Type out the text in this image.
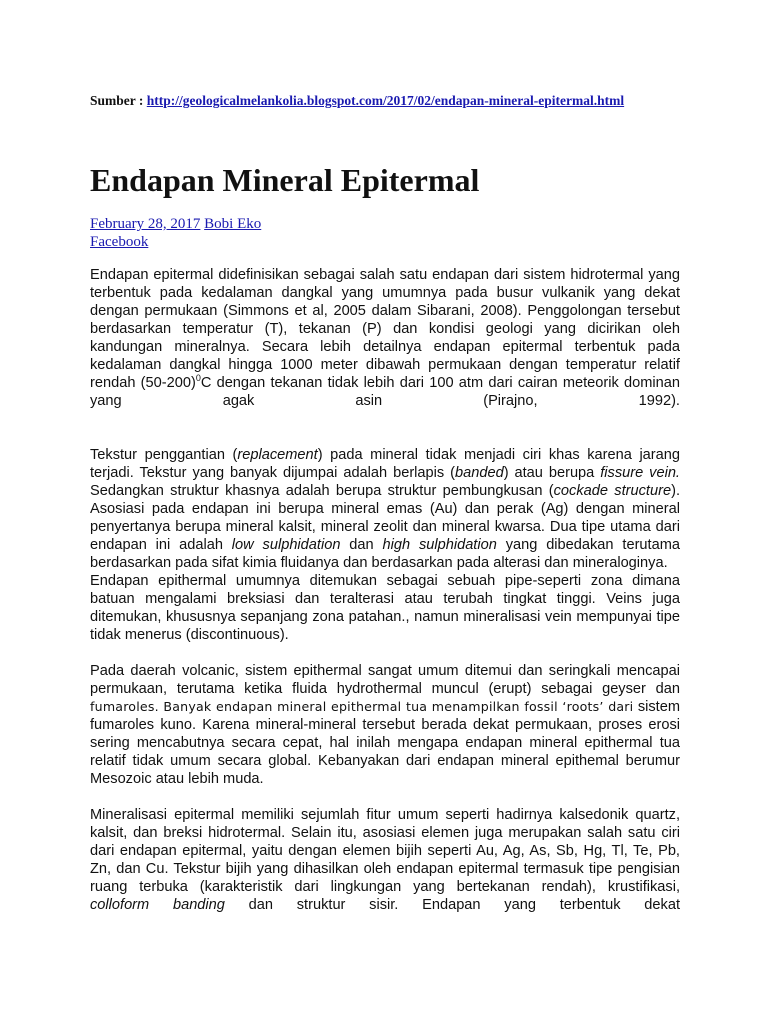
Sumber : http://geologicalmelankolia.blogspot.com/2017/02/endapan-mineral-epitermal.html
Endapan Mineral Epitermal
February 28, 2017 Bobi Eko
Facebook

Endapan epitermal didefinisikan sebagai salah satu endapan dari sistem hidrotermal yang terbentuk pada kedalaman dangkal yang umumnya pada busur vulkanik yang dekat dengan permukaan (Simmons et al, 2005 dalam Sibarani, 2008). Penggolongan tersebut berdasarkan temperatur (T), tekanan (P) dan kondisi geologi yang dicirikan oleh kandungan mineralnya. Secara lebih detailnya endapan epitermal terbentuk pada kedalaman dangkal hingga 1000 meter dibawah permukaan dengan temperatur relatif rendah $(50-200)^0C$ dengan tekanan tidak lebih dari 100 atm dari cairan meteorik dominan yang agak asin (Pirajno, 1992).

Tekstur penggantian (replacement) pada mineral tidak menjadi ciri khas karena jarang terjadi. Tekstur yang banyak dijumpai adalah berlapis (banded) atau berupa fissure vein. Sedangkan struktur khasnya adalah berupa struktur pembungkusan (cockade structure). Asosiasi pada endapan ini berupa mineral emas (Au) dan perak (Ag) dengan mineral penyertanya berupa mineral kalsit, mineral zeolit dan mineral kwarsa. Dua tipe utama dari endapan ini adalah low sulphidation dan high sulphidation yang dibedakan terutama berdasarkan pada sifat kimia fluidanya dan berdasarkan pada alterasi dan mineraloginya.

Endapan epithermal umumnya ditemukan sebagai sebuah pipe-seperti zona dimana batuan mengalami breksiasi dan teralterasi atau terubah tingkat tinggi. Veins juga ditemukan, khususnya sepanjang zona patahan., namun mineralisasi vein mempunyai tipe tidak menerus (discontinuous).

Pada daerah volcanic, sistem epithermal sangat umum ditemui dan seringkali mencapai permukaan, terutama ketika fluida hydrothermal muncul (erupt) sebagai geyser dan fumaroles. Banyak endapan mineral epithermal tua menampilkan fossil ‘roots’ dari sistem fumaroles kuno. Karena mineral-mineral tersebut berada dekat permukaan, proses erosi sering mencabutnya secara cepat, hal inilah mengapa endapan mineral epithermal tua relatif tidak umum secara global. Kebanyakan dari endapan mineral epithemal berumur Mesozoic atau lebih muda.

Mineralisasi epitermal memiliki sejumlah fitur umum seperti hadirnya kalsedonik quartz, kalsit, dan breksi hidrotermal. Selain itu, asosiasi elemen juga merupakan salah satu ciri dari endapan epitermal, yaitu dengan elemen bijih seperti Au, Ag, As, Sb, Hg, Tl, Te, Pb, Zn, dan Cu. Tekstur bijih yang dihasilkan oleh endapan epitermal termasuk tipe pengisian ruang terbuka (karakteristik dari lingkungan yang bertekanan rendah), krustifikasi, colloform banding dan struktur sisir. Endapan yang terbentuk dekat
